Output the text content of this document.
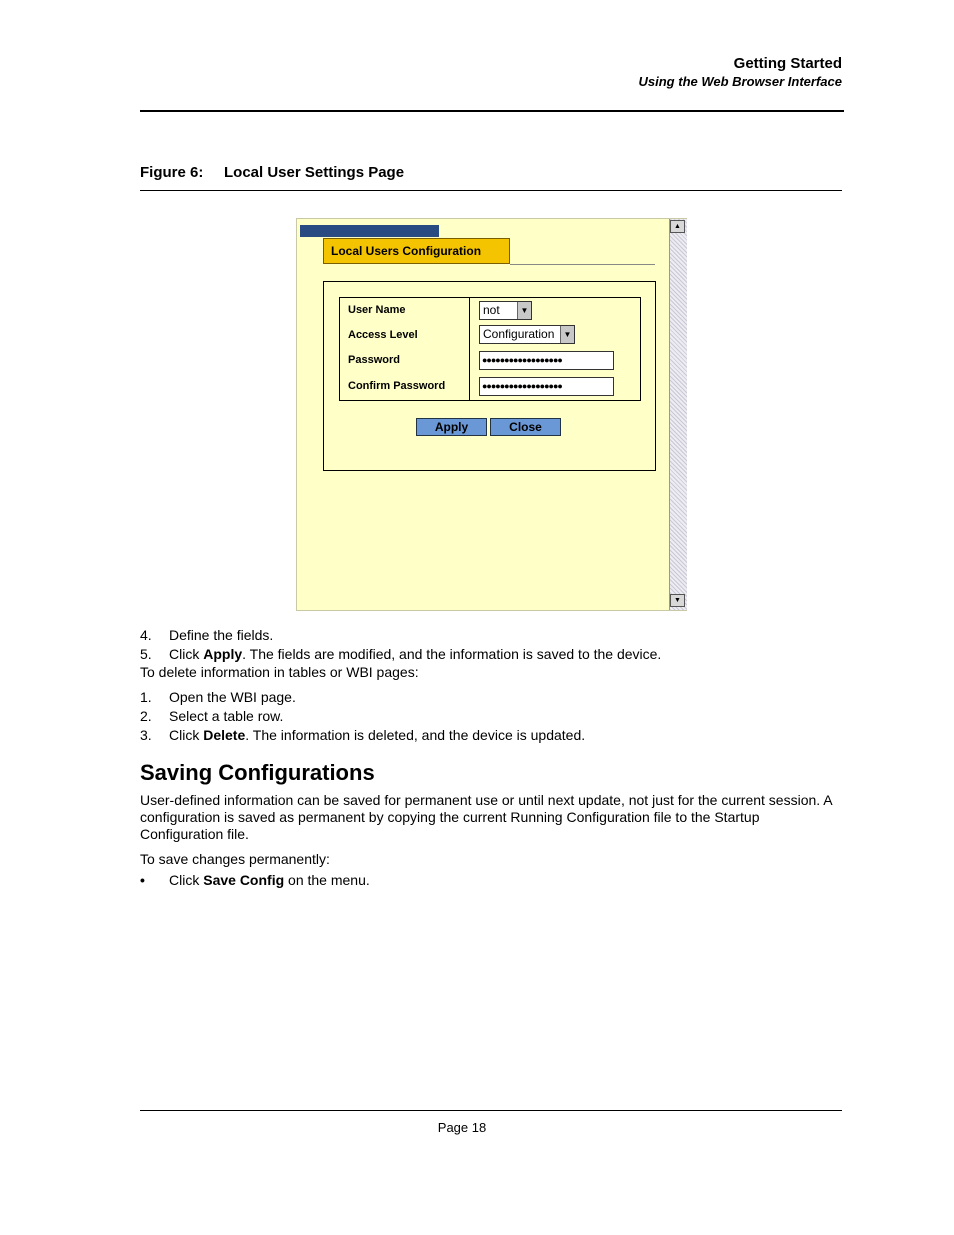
Getting Started
Using the Web Browser Interface
Figure 6: Local User Settings Page
Local Users Configuration
User Name	not	▼
Access Level	Configuration	▼
Password	●●●●●●●●●●●●●●●●●●
Confirm Password	●●●●●●●●●●●●●●●●●●
Apply	Close
▲
▼
4. Define the fields.
5. Click Apply. The fields are modified, and the information is saved to the device.
To delete information in tables or WBI pages:
1. Open the WBI page.
2. Select a table row.
3. Click Delete. The information is deleted, and the device is updated.
Saving Configurations
User-defined information can be saved for permanent use or until next update, not just for the current session. A configuration is saved as permanent by copying the current Running Configuration file to the Startup Configuration file.
To save changes permanently:
• Click Save Config on the menu.
Page 18
